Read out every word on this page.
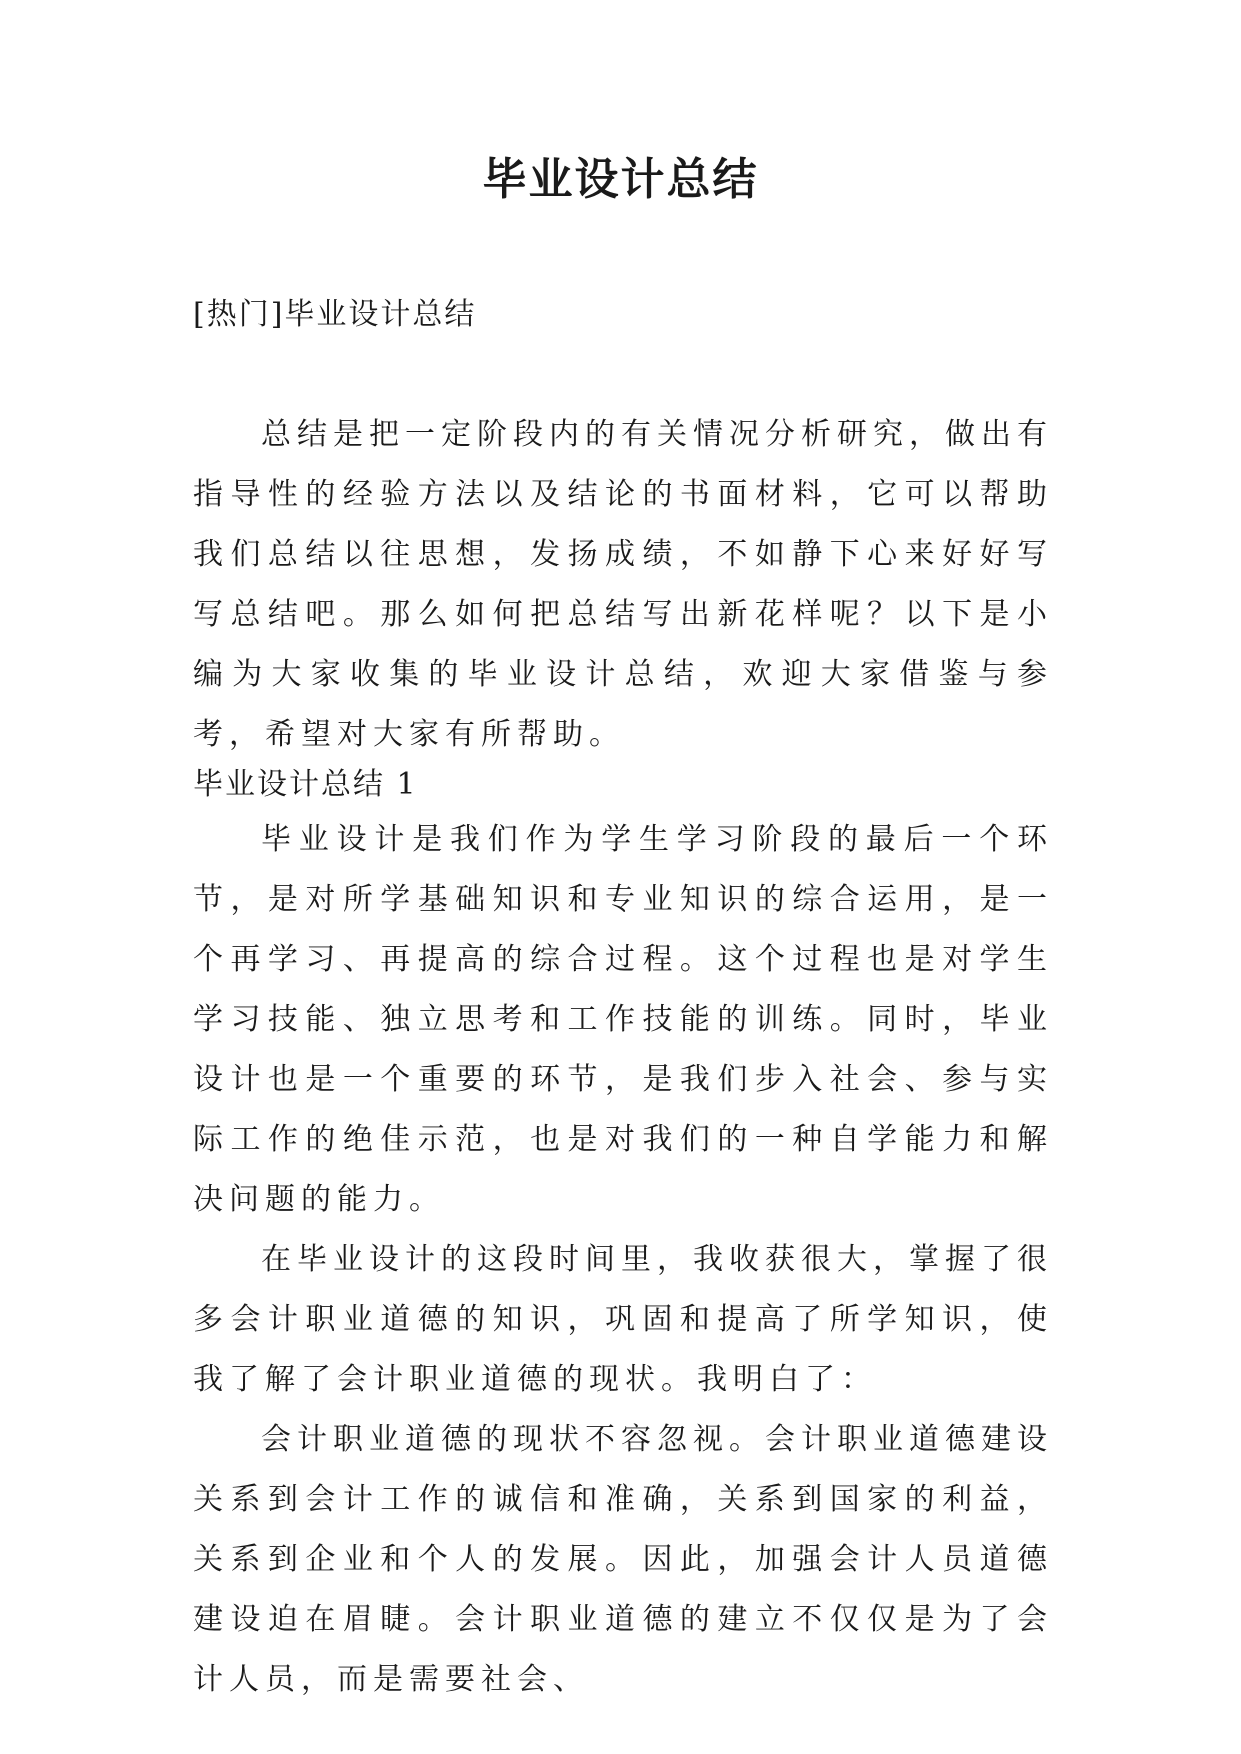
毕业设计总结
[热门]毕业设计总结

总结是把一定阶段内的有关情况分析研究，做出有指导性的经验方法以及结论的书面材料，它可以帮助我们总结以往思想，发扬成绩，不如静下心来好好写写总结吧。那么如何把总结写出新花样呢？以下是小编为大家收集的毕业设计总结，欢迎大家借鉴与参考，希望对大家有所帮助。

毕业设计总结 1

毕业设计是我们作为学生学习阶段的最后一个环节，是对所学基础知识和专业知识的综合运用，是一个再学习、再提高的综合过程。这个过程也是对学生学习技能、独立思考和工作技能的训练。同时，毕业设计也是一个重要的环节，是我们步入社会、参与实际工作的绝佳示范，也是对我们的一种自学能力和解决问题的能力。

在毕业设计的这段时间里，我收获很大，掌握了很多会计职业道德的知识，巩固和提高了所学知识，使我了解了会计职业道德的现状。我明白了：

会计职业道德的现状不容忽视。会计职业道德建设关系到会计工作的诚信和准确，关系到国家的利益，关系到企业和个人的发展。因此，加强会计人员道德建设迫在眉睫。会计职业道德的建立不仅仅是为了会计人员，而是需要社会、
